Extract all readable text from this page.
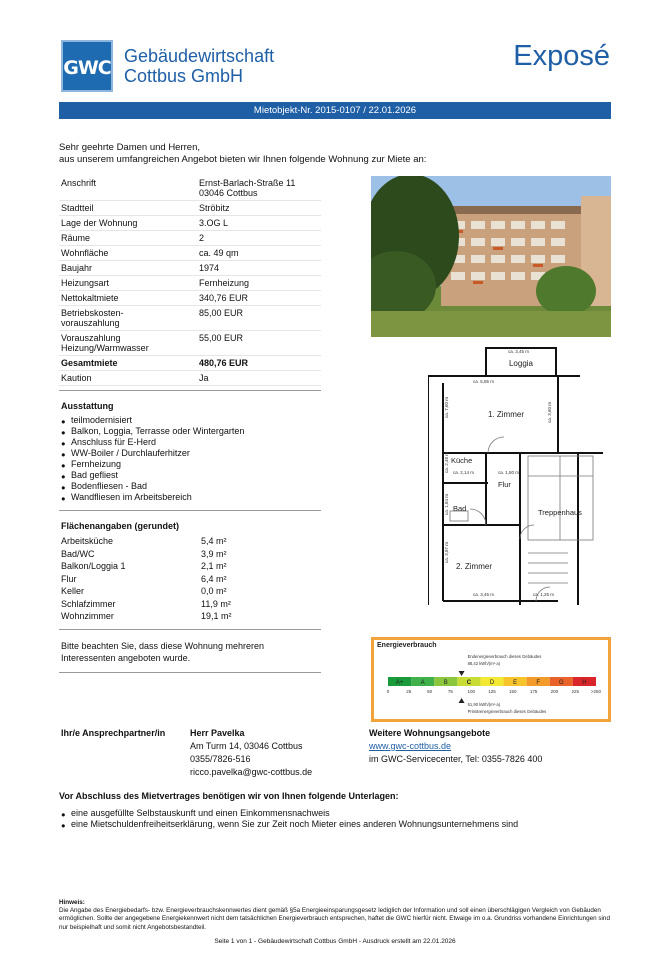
GWC
Gebäudewirtschaft
Cottbus GmbH
Exposé
Mietobjekt-Nr. 2015-0107 / 22.01.2026
Sehr geehrte Damen und Herren,
aus unserem umfangreichen Angebot bieten wir Ihnen folgende Wohnung zur Miete an:
Anschrift	Ernst-Barlach-Straße 11
03046 Cottbus
Stadtteil	Ströbitz
Lage der Wohnung	3.OG L
Räume	2
Wohnfläche	ca. 49 qm
Baujahr	1974
Heizungsart	Fernheizung
Nettokaltmiete	340,76 EUR
Betriebskosten-
vorauszahlung
85,00 EUR
Vorauszahlung
Heizung/Warmwasser
55,00 EUR
Gesamtmiete	480,76 EUR
Kaution	Ja
Ausstattung
● teilmodernisiert
● Balkon, Loggia, Terrasse oder Wintergarten
● Anschluss für E-Herd
● WW-Boiler / Durchlauferhitzer
● Fernheizung
● Bad gefliest
● Bodenfliesen - Bad
● Wandfliesen im Arbeitsbereich
Flächenangaben (gerundet)
Arbeitsküche	5,4 m²
Bad/WC	3,9 m²
Balkon/Loggia 1	2,1 m²
Flur	6,4 m²
Keller	0,0 m²
Schlafzimmer	11,9 m²
Wohnzimmer	19,1 m²
Bitte beachten Sie, dass diese Wohnung mehreren Interessenten angeboten wurde.
Loggia
1. Zimmer
Küche
Flur
Bad	Treppenhaus
2. Zimmer
ca. 3,45 m
ca. 5,85 m
ca. 2,14 m	ca. 1,80 m
ca. 3,45 m	ca. 1,25 m
ca. 7,60 m	ca. 3,60 m
ca. 2,48 m
ca. 1,84 m
ca. 3,87 m
Energieverbrauch
A+	A	B	C	D	E	F	G	H
0	25	50	75	100	125	150	175	200	225	>250
Endenergieverbrauch dieses Gebäudes
88,42 kWh/(m²·a)
51,90 kWh/(m²·a)
Primärenergieverbrauch dieses Gebäudes
Ihr/e Ansprechpartner/in	Herr Pavelka
Am Turm 14, 03046 Cottbus
0355/7826-516
ricco.pavelka@gwc-cottbus.de
Weitere Wohnungsangebote
www.gwc-cottbus.de
im GWC-Servicecenter, Tel: 0355-7826 400
Vor Abschluss des Mietvertrages benötigen wir von Ihnen folgende Unterlagen:
● eine ausgefüllte Selbstauskunft und einen Einkommensnachweis
● eine Mietschuldenfreiheitserklärung, wenn Sie zur Zeit noch Mieter eines anderen Wohnungsunternehmens sind
Hinweis:
Die Angabe des Energiebedarfs- bzw. Energieverbrauchskennwertes dient gemäß §5a Energieeinsparungsgesetz lediglich der Information und soll einen überschlägigen Vergleich von Gebäuden ermöglichen. Sollte der angegebene Energiekennwert nicht dem tatsächlichen Energieverbrauch entsprechen, haftet die GWC hierfür nicht. Etwaige im o.a. Grundriss vorhandene Einrichtungen sind nur beispielhaft und somit nicht Angebotsbestandteil.
Seite 1 von 1 - Gebäudewirtschaft Cottbus GmbH - Ausdruck erstellt am 22.01.2026
